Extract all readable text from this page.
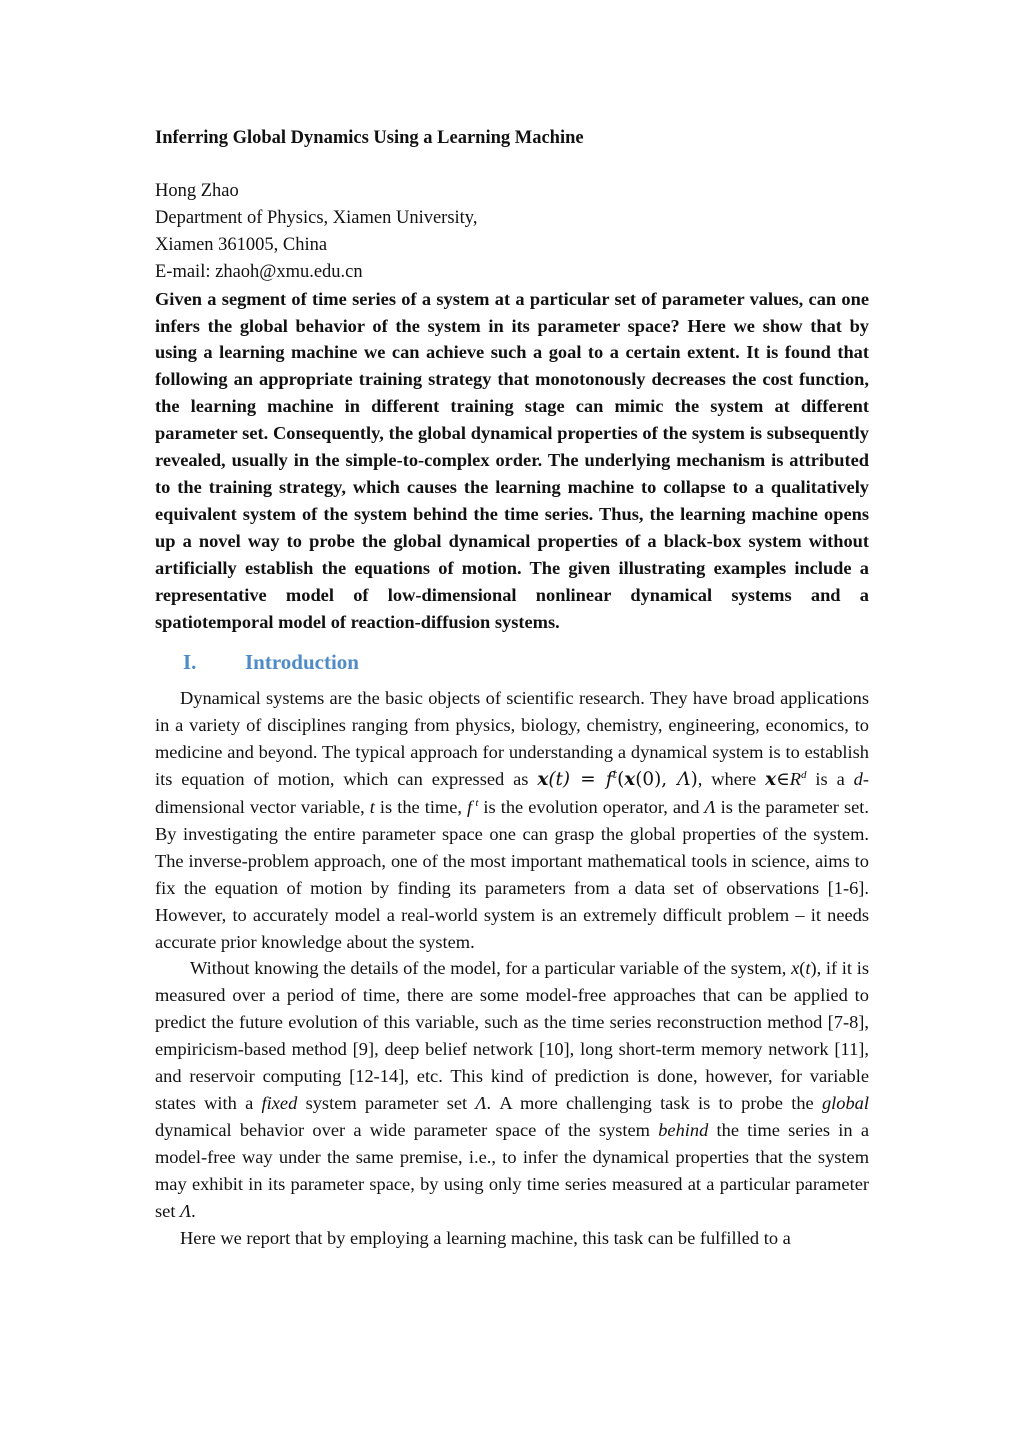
Inferring Global Dynamics Using a Learning Machine
Hong Zhao
Department of Physics, Xiamen University,
Xiamen 361005, China
E-mail: zhaoh@xmu.edu.cn

Given a segment of time series of a system at a particular set of parameter values, can one infers the global behavior of the system in its parameter space? Here we show that by using a learning machine we can achieve such a goal to a certain extent. It is found that following an appropriate training strategy that monotonously decreases the cost function, the learning machine in different training stage can mimic the system at different parameter set. Consequently, the global dynamical properties of the system is subsequently revealed, usually in the simple-to-complex order. The underlying mechanism is attributed to the training strategy, which causes the learning machine to collapse to a qualitatively equivalent system of the system behind the time series. Thus, the learning machine opens up a novel way to probe the global dynamical properties of a black-box system without artificially establish the equations of motion. The given illustrating examples include a representative model of low-dimensional nonlinear dynamical systems and a spatiotemporal model of reaction-diffusion systems.

I.	Introduction

Dynamical systems are the basic objects of scientific research. They have broad applications in a variety of disciplines ranging from physics, biology, chemistry, engineering, economics, to medicine and beyond. The typical approach for understanding a dynamical system is to establish its equation of motion, which can expressed as $x(t) = f^t(x(0)$, Λ), where $x\in R^d$ is a d-dimensional vector variable, t is the time, f $^t$ is the evolution operator, and Λ is the parameter set. By investigating the entire parameter space one can grasp the global properties of the system. The inverse-problem approach, one of the most important mathematical tools in science, aims to fix the equation of motion by finding its parameters from a data set of observations [1-6]. However, to accurately model a real-world system is an extremely difficult problem – it needs accurate prior knowledge about the system.

Without knowing the details of the model, for a particular variable of the system, x(t), if it is measured over a period of time, there are some model-free approaches that can be applied to predict the future evolution of this variable, such as the time series reconstruction method [7-8], empiricism-based method [9], deep belief network [10], long short-term memory network [11], and reservoir computing [12-14], etc. This kind of prediction is done, however, for variable states with a fixed system parameter set Λ. A more challenging task is to probe the global dynamical behavior over a wide parameter space of the system behind the time series in a model-free way under the same premise, i.e., to infer the dynamical properties that the system may exhibit in its parameter space, by using only time series measured at a particular parameter set Λ.

Here we report that by employing a learning machine, this task can be fulfilled to a
